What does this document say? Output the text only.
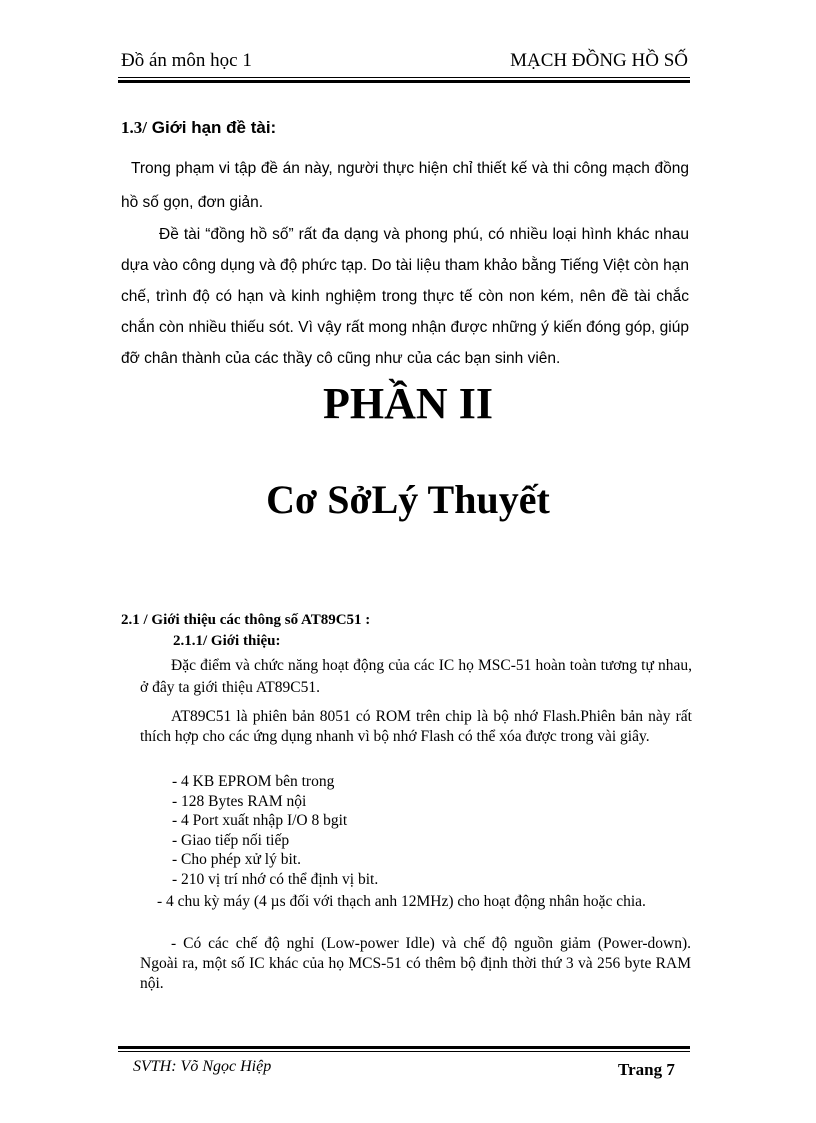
Đồ án môn học 1	MẠCH ĐỒNG HỒ SỐ
1.3/ Giới hạn đề tài:
Trong phạm vi tập đề án này, người thực hiện chỉ thiết kế và thi công mạch đồng hồ số gọn, đơn giản.
Đề tài “đồng hồ số” rất đa dạng và phong phú, có nhiều loại hình khác nhau dựa vào công dụng và độ phức tạp. Do tài liệu tham khảo bằng Tiếng Việt còn hạn chế, trình độ có hạn và kinh nghiệm trong thực tế còn non kém, nên đề tài chắc chắn còn nhiều thiếu sót. Vì vậy rất mong nhận được những ý kiến đóng góp, giúp đỡ chân thành của các thầy cô cũng như của các bạn sinh viên.
PHẦN II
Cơ SởLý Thuyết
2.1 / Giới thiệu các thông số AT89C51 :
2.1.1/ Giới thiệu:
Đặc điểm và chức năng hoạt động của các IC họ MSC-51 hoàn toàn tương tự nhau, ở đây ta giới thiệu AT89C51.
AT89C51 là phiên bản 8051 có ROM trên chip là bộ nhớ Flash.Phiên bản này rất thích hợp cho các ứng dụng nhanh vì bộ nhớ Flash có thể xóa được trong vài giây.
- 4 KB EPROM bên trong
- 128 Bytes RAM nội
- 4 Port xuất nhập I/O 8 bgit
- Giao tiếp nối tiếp
- Cho phép xử lý bit.
- 210 vị trí nhớ có thể định vị bit.
- 4 chu kỳ máy (4 µs đối với thạch anh 12MHz) cho hoạt động nhân hoặc chia.
- Có các chế độ nghỉ (Low-power Idle) và chế độ nguồn giảm (Power-down). Ngoài ra, một số IC khác của họ MCS-51 có thêm bộ định thời thứ 3 và 256 byte RAM nội.
SVTH: Võ Ngọc Hiệp	Trang 7
